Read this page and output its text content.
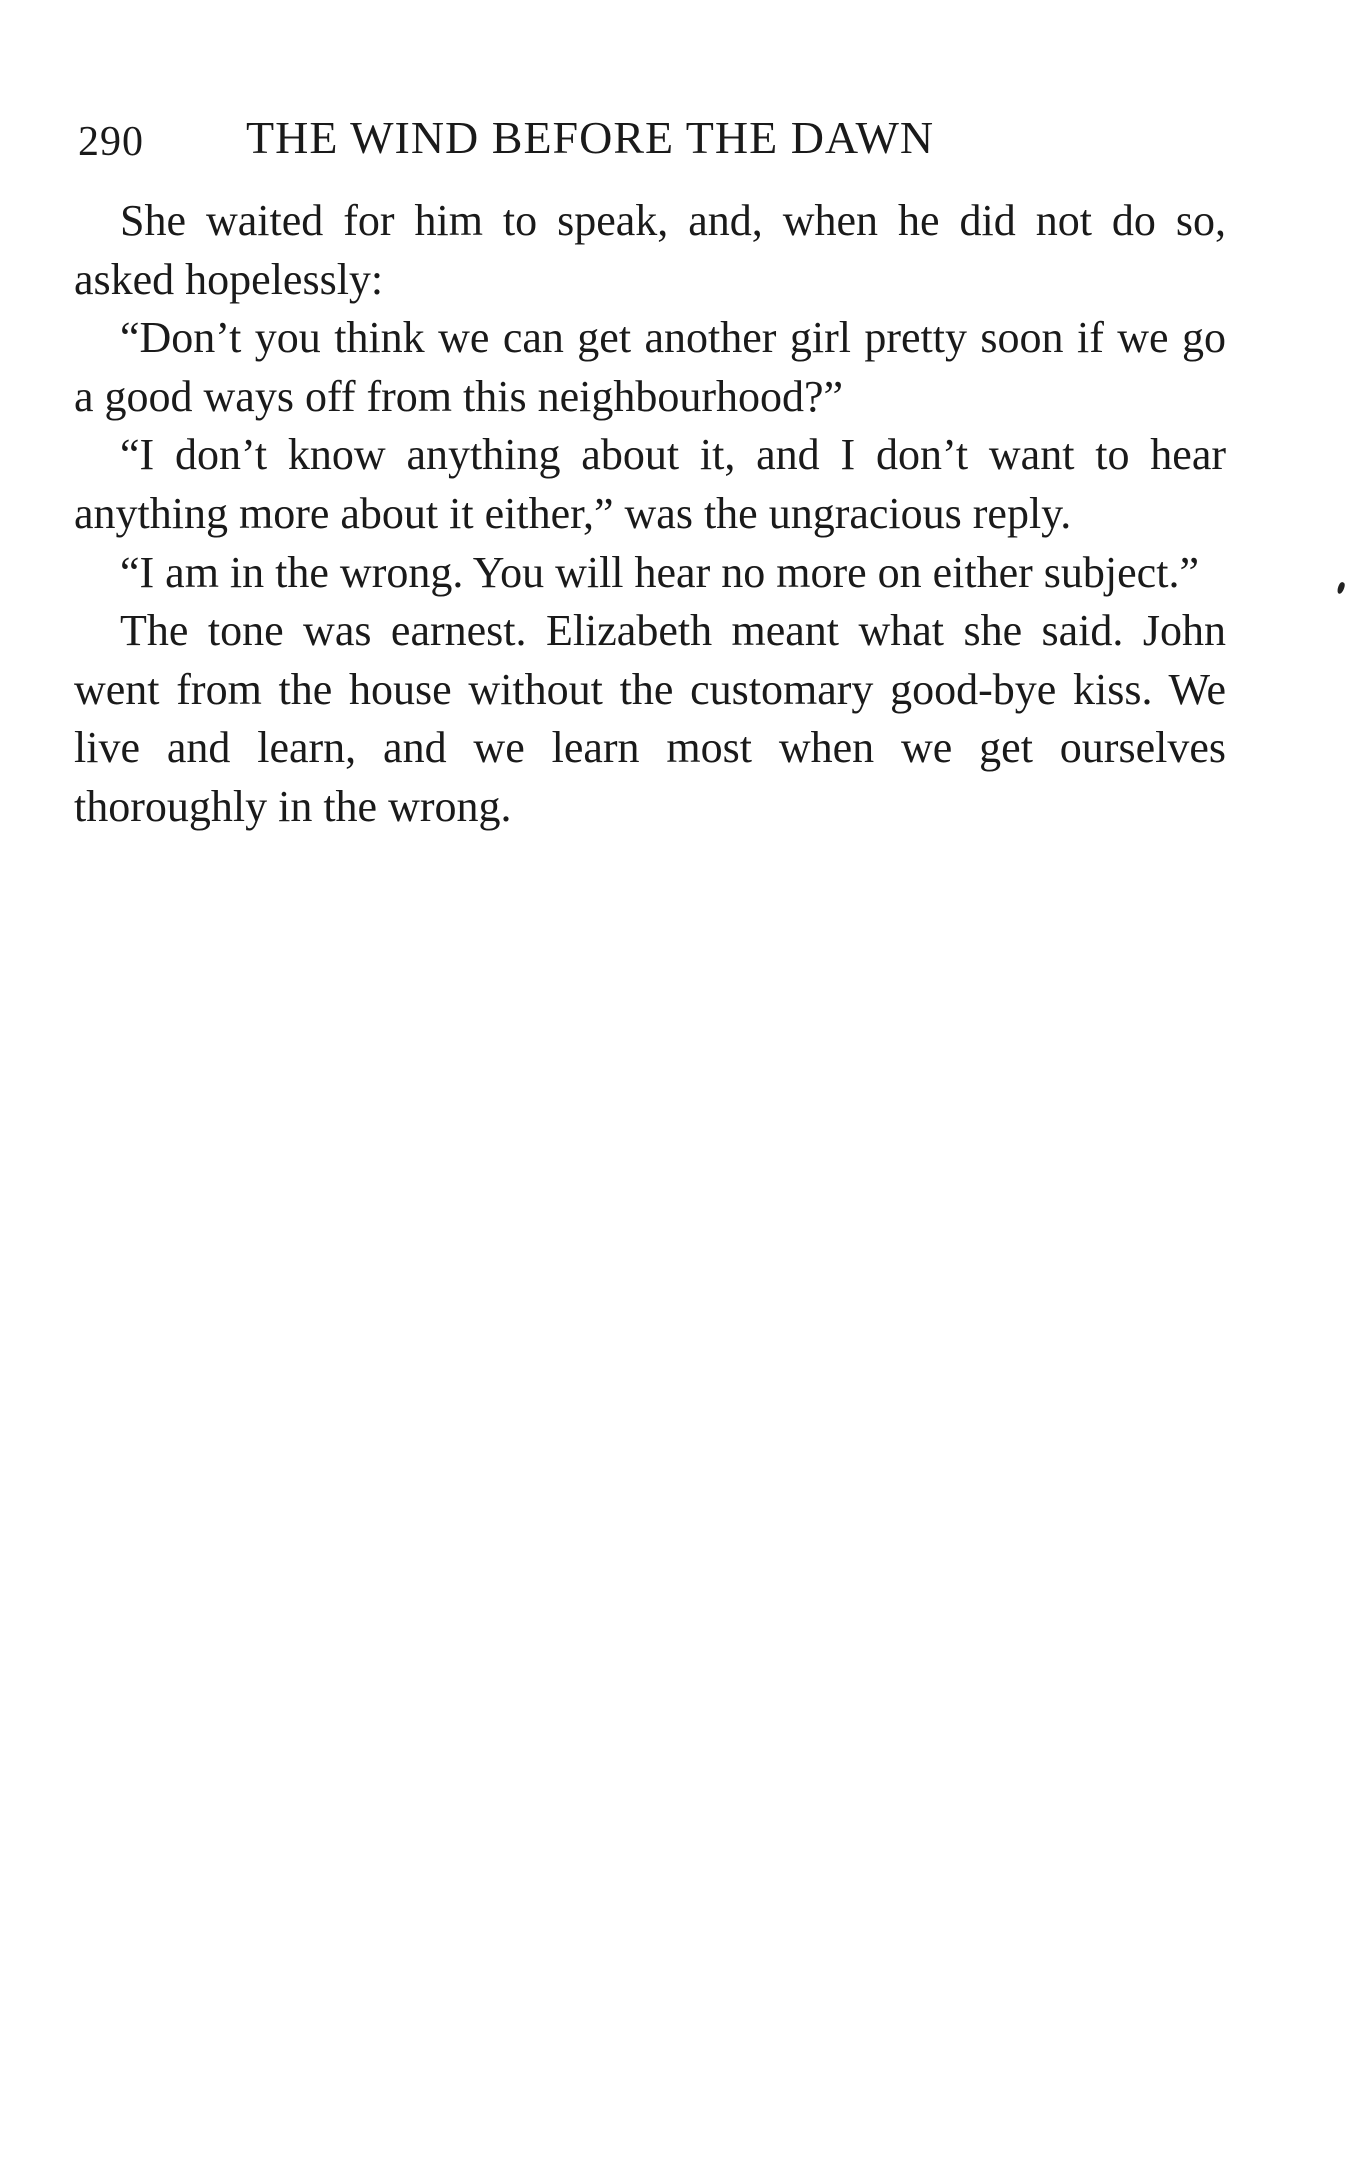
290 THE WIND BEFORE THE DAWN

She waited for him to speak, and, when he did not do so, asked hopelessly:

“Don’t you think we can get another girl pretty soon if we go a good ways off from this neighbourhood?”

“I don’t know anything about it, and I don’t want to hear anything more about it either,” was the ungracious reply.

“I am in the wrong. You will hear no more on either subject.”

The tone was earnest. Elizabeth meant what she said. John went from the house without the customary good-bye kiss. We live and learn, and we learn most when we get ourselves thoroughly in the wrong.
